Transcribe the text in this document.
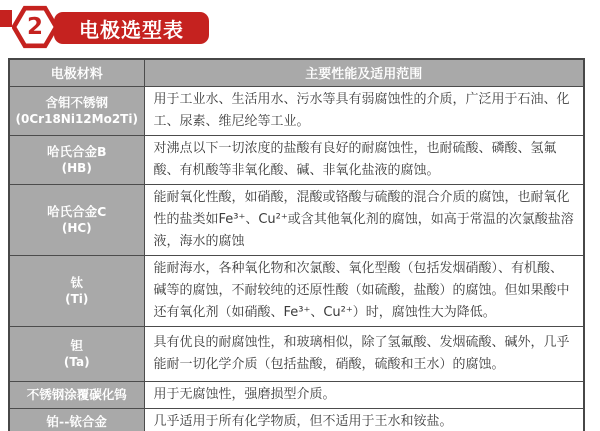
2	电极选型表
电极材料	主要性能及适用范围

含钼不锈钢
(0Cr18Ni12Mo2Ti)	用于工业水、生活用水、污水等具有弱腐蚀性的介质，广泛用于石油、化工、尿素、维尼纶等工业。

哈氏合金B
(HB)	对沸点以下一切浓度的盐酸有良好的耐腐蚀性，也耐硫酸、磷酸、氢氟酸、有机酸等非氧化酸、碱、非氧化盐液的腐蚀。

哈氏合金C
(HC)	能耐氧化性酸，如硝酸，混酸或铬酸与硫酸的混合介质的腐蚀，也耐氧化性的盐类如Fe³⁺、Cu²⁺或含其他氧化剂的腐蚀，如高于常温的次氯酸盐溶液，海水的腐蚀

钛
(Ti)	能耐海水，各种氧化物和次氯酸、氧化型酸（包括发烟硝酸）、有机酸、碱等的腐蚀，不耐较纯的还原性酸（如硫酸，盐酸）的腐蚀。但如果酸中还有氧化剂（如硝酸、Fe³⁺、Cu²⁺）时，腐蚀性大为降低。

钽
(Ta)	具有优良的耐腐蚀性，和玻璃相似，除了氢氟酸、发烟硫酸、碱外，几乎能耐一切化学介质（包括盐酸，硝酸，硫酸和王水）的腐蚀。

不锈钢涂覆碳化钨	用于无腐蚀性，强磨损型介质。

铂--铱合金	几乎适用于所有化学物质，但不适用于王水和铵盐。
